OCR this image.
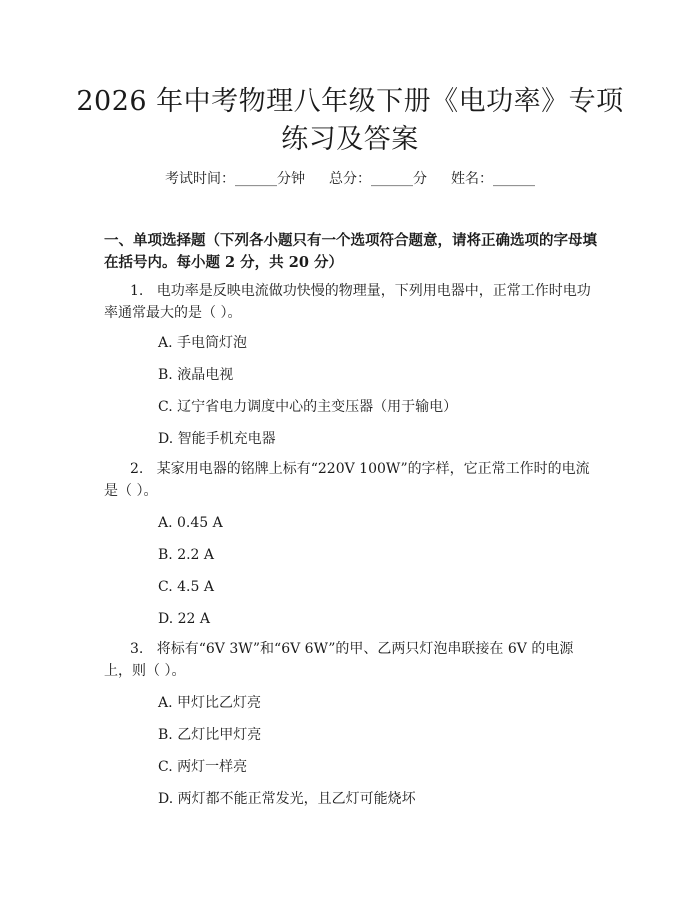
2026 年中考物理八年级下册《电功率》专项
练习及答案
考试时间：______分钟 总分：______分 姓名：______
一、单项选择题（下列各小题只有一个选项符合题意，请将正确选项的字母填在括号内。每小题 2 分，共 20 分）
1. 电功率是反映电流做功快慢的物理量，下列用电器中，正常工作时电功率通常最大的是（ ）。
A. 手电筒灯泡
B. 液晶电视
C. 辽宁省电力调度中心的主变压器（用于输电）
D. 智能手机充电器
2. 某家用电器的铭牌上标有“220V 100W”的字样，它正常工作时的电流是（ ）。
A. 0.45 A
B. 2.2 A
C. 4.5 A
D. 22 A
3. 将标有“6V 3W”和“6V 6W”的甲、乙两只灯泡串联接在 6V 的电源上，则（ ）。
A. 甲灯比乙灯亮
B. 乙灯比甲灯亮
C. 两灯一样亮
D. 两灯都不能正常发光，且乙灯可能烧坏
